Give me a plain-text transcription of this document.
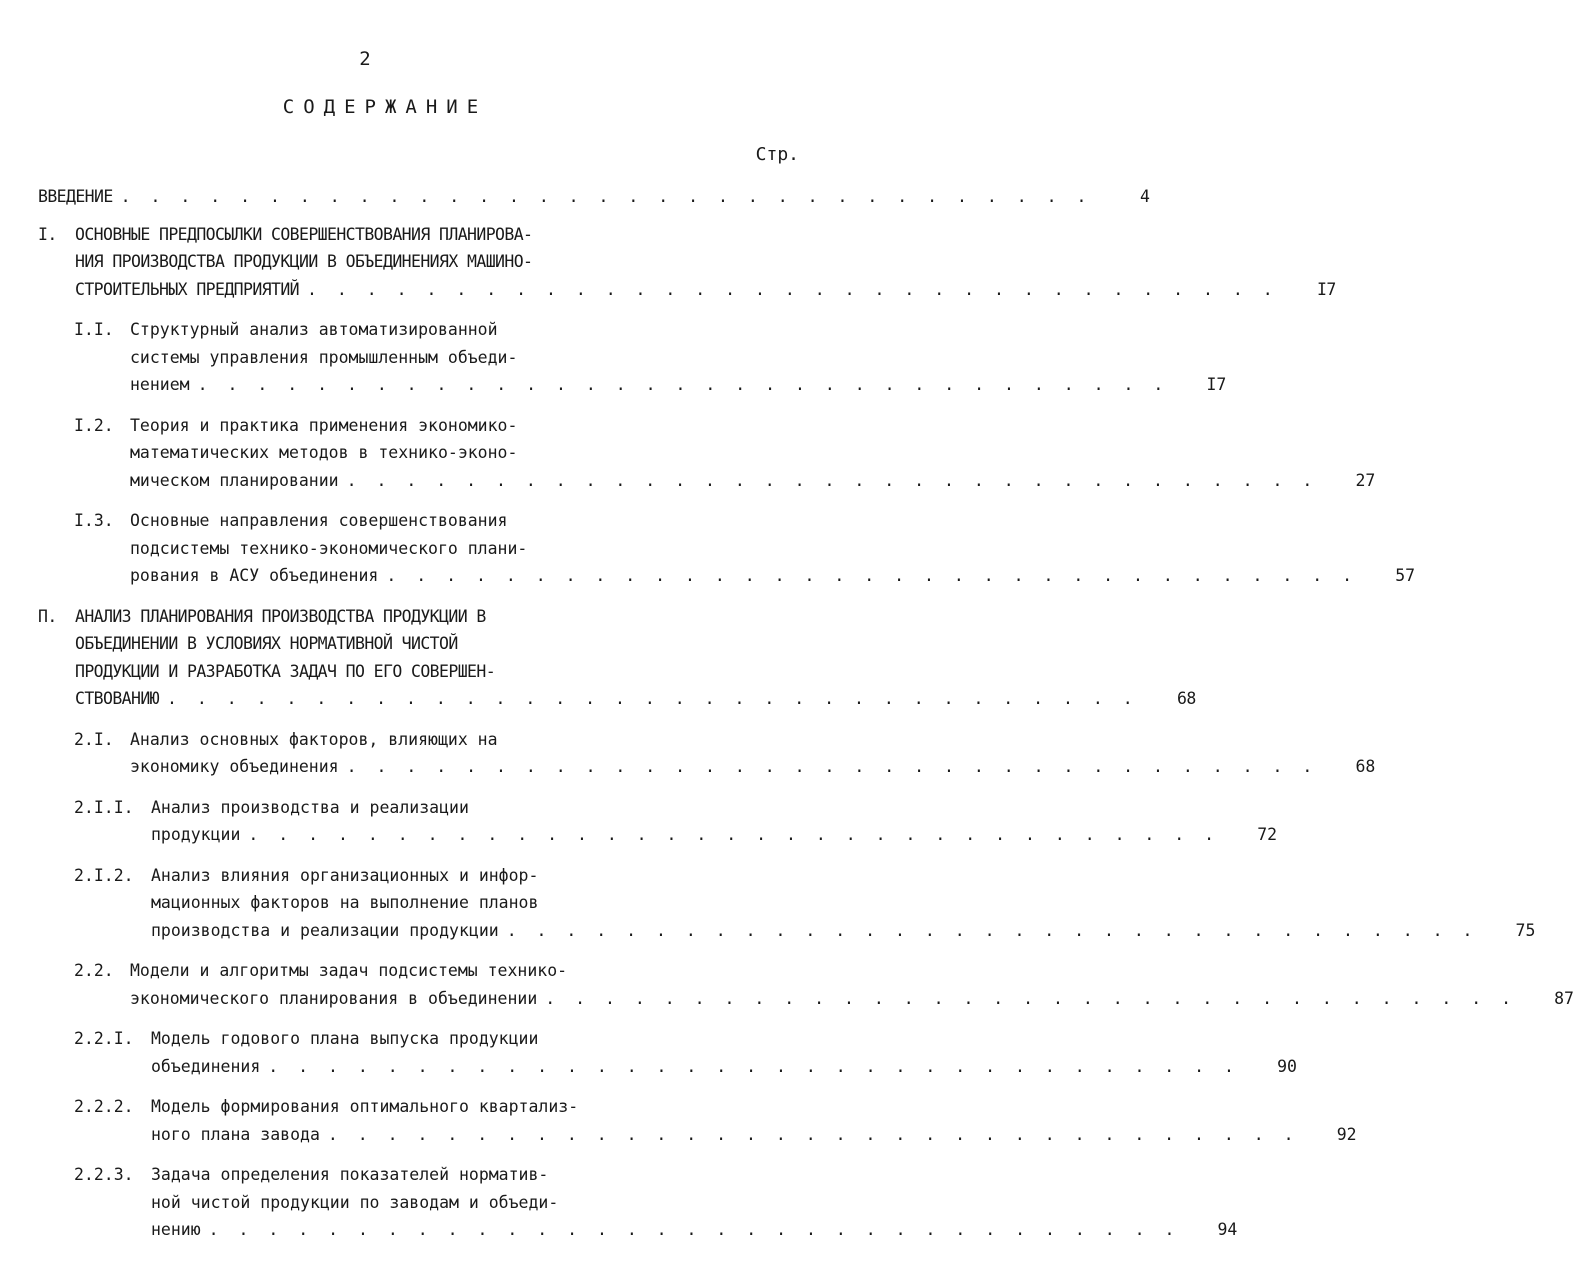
2
СОДЕРЖАНИЕ
Стр.
ВВЕДЕНИЕ . . . . . . . . . . . . . . . . . . . . . . . . . . . . . . . . .	4
I.	ОСНОВНЫЕ ПРЕДПОСЫЛКИ СОВЕРШЕНСТВОВАНИЯ ПЛАНИРОВА-
НИЯ ПРОИЗВОДСТВА ПРОДУКЦИИ В ОБЪЕДИНЕНИЯХ МАШИНО-
СТРОИТЕЛЬНЫХ ПРЕДПРИЯТИЙ . . . . . . . . . . . . . . . . . . . . . . . . . . . . . . . . .	I7
I.I. Структурный анализ автоматизированной
системы управления промышленным объеди-
нением . . . . . . . . . . . . . . . . . . . . . . . . . . . . . . . . .	I7
I.2. Теория и практика применения экономико-
математических методов в технико-эконо-
мическом планировании . . . . . . . . . . . . . . . . . . . . . . . . . . . . . . . . .	27
I.3. Основные направления совершенствования
подсистемы технико-экономического плани-
рования в АСУ объединения . . . . . . . . . . . . . . . . . . . . . . . . . . . . . . . . .	57
П.	АНАЛИЗ ПЛАНИРОВАНИЯ ПРОИЗВОДСТВА ПРОДУКЦИИ В
ОБЪЕДИНЕНИИ В УСЛОВИЯХ НОРМАТИВНОЙ ЧИСТОЙ
ПРОДУКЦИИ И РАЗРАБОТКА ЗАДАЧ ПО ЕГО СОВЕРШЕН-
СТВОВАНИЮ . . . . . . . . . . . . . . . . . . . . . . . . . . . . . . . . .	68
2.I. Анализ основных факторов, влияющих на
экономику объединения . . . . . . . . . . . . . . . . . . . . . . . . . . . . . . . . .	68
2.I.I.	Анализ производства и реализации
продукции . . . . . . . . . . . . . . . . . . . . . . . . . . . . . . . . .	72
2.I.2.	Анализ влияния организационных и инфор-
мационных факторов на выполнение планов
производства и реализации продукции . . . . . . . . . . . . . . . . . . . . . . . . . . . . . . . . .	75
2.2. Модели и алгоритмы задач подсистемы технико-
экономического планирования в объединении . . . . . . . . . . . . . . . . . . . . . . . . . . . . . . . . .	87
2.2.I.	Модель годового плана выпуска продукции
объединения . . . . . . . . . . . . . . . . . . . . . . . . . . . . . . . . .	90
2.2.2.	Модель формирования оптимального квартализ-
ного плана завода . . . . . . . . . . . . . . . . . . . . . . . . . . . . . . . . .	92
2.2.3.	Задача определения показателей норматив-
ной чистой продукции по заводам и объеди-
нению . . . . . . . . . . . . . . . . . . . . . . . . . . . . . . . . .	94
